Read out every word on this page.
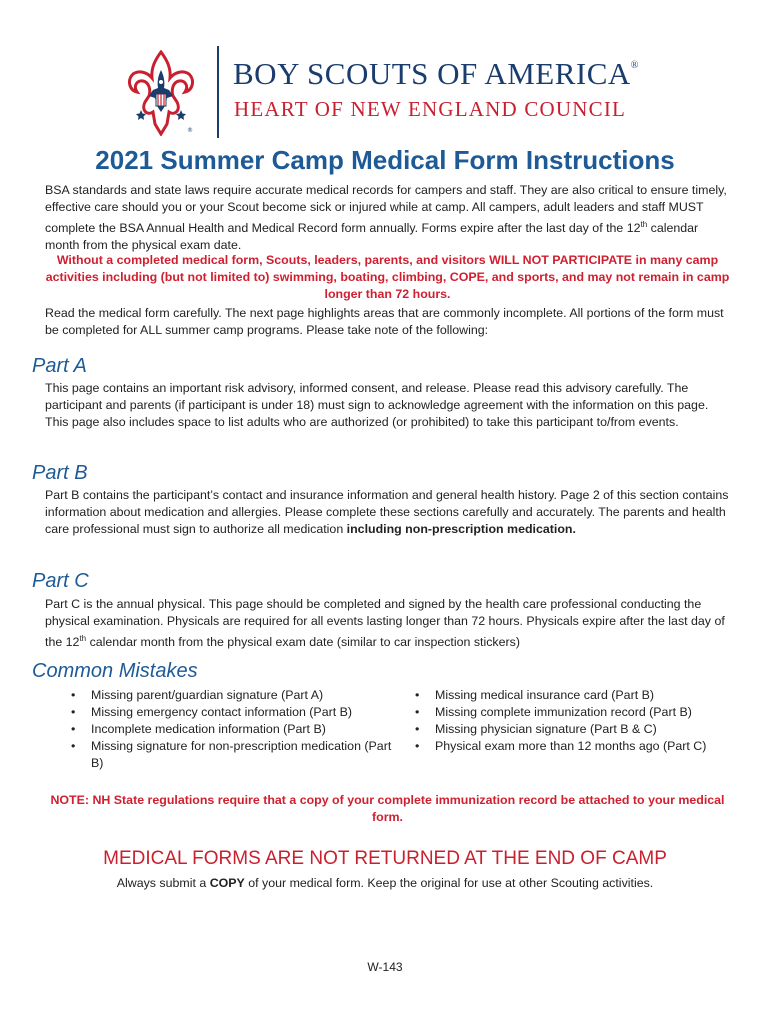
®
BOY SCOUTS OF AMERICA®
HEART OF NEW ENGLAND COUNCIL
2021 Summer Camp Medical Form Instructions
BSA standards and state laws require accurate medical records for campers and staff. They are also critical to ensure timely, effective care should you or your Scout become sick or injured while at camp. All campers, adult leaders and staff MUST complete the BSA Annual Health and Medical Record form annually. Forms expire after the last day of the 12th calendar month from the physical exam date.
Without a completed medical form, Scouts, leaders, parents, and visitors WILL NOT PARTICIPATE in many camp activities including (but not limited to) swimming, boating, climbing, COPE, and sports, and may not remain in camp longer than 72 hours.
Read the medical form carefully. The next page highlights areas that are commonly incomplete. All portions of the form must be completed for ALL summer camp programs. Please take note of the following:
Part A
This page contains an important risk advisory, informed consent, and release. Please read this advisory carefully. The participant and parents (if participant is under 18) must sign to acknowledge agreement with the information on this page. This page also includes space to list adults who are authorized (or prohibited) to take this participant to/from events.
Part B
Part B contains the participant’s contact and insurance information and general health history. Page 2 of this section contains information about medication and allergies. Please complete these sections carefully and accurately. The parents and health care professional must sign to authorize all medication including non-prescription medication.
Part C
Part C is the annual physical. This page should be completed and signed by the health care professional conducting the physical examination. Physicals are required for all events lasting longer than 72 hours. Physicals expire after the last day of the 12th calendar month from the physical exam date (similar to car inspection stickers)
Common Mistakes
• Missing parent/guardian signature (Part A)
• Missing emergency contact information (Part B)
• Incomplete medication information (Part B)
• Missing signature for non-prescription medication (Part B)
• Missing medical insurance card (Part B)
• Missing complete immunization record (Part B)
• Missing physician signature (Part B & C)
• Physical exam more than 12 months ago (Part C)
NOTE: NH State regulations require that a copy of your complete immunization record be attached to your medical form.
MEDICAL FORMS ARE NOT RETURNED AT THE END OF CAMP
Always submit a COPY of your medical form. Keep the original for use at other Scouting activities.
W-143
